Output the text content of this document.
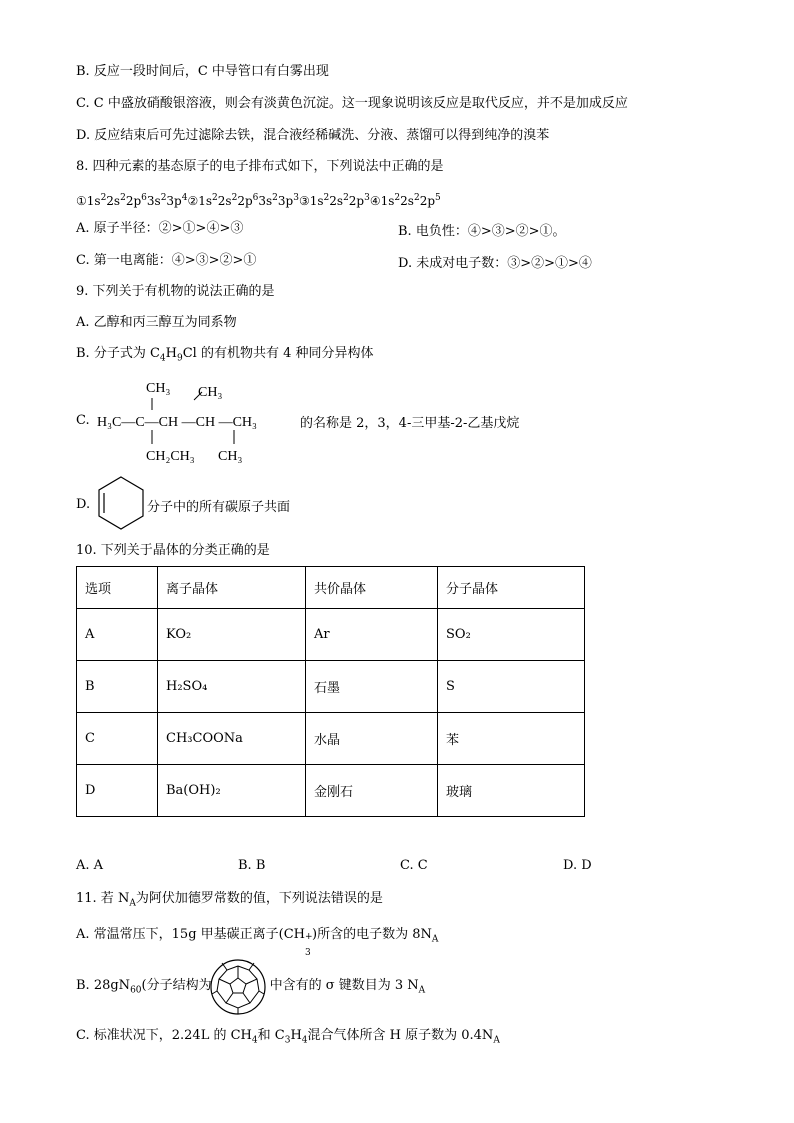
B. 反应一段时间后，C 中导管口有白雾出现
C. C 中盛放硝酸银溶液，则会有淡黄色沉淀。这一现象说明该反应是取代反应，并不是加成反应
D. 反应结束后可先过滤除去铁，混合液经稀碱洗、分液、蒸馏可以得到纯净的溴苯
8. 四种元素的基态原子的电子排布式如下，下列说法中正确的是
$①1s^22s^22p^63s^23p^4②1s^22s^22p^63s^23p^3③1s^22s^22p^3④1s^22s^22p^5$
A. 原子半径：②>①>④>③	B. 电负性：④>③>②>①。
C. 第一电离能：④>③>②>①	D. 未成对电子数：③>②>①>④
9. 下列关于有机物的说法正确的是
A. 乙醇和丙三醇互为同系物
B. 分子式为 $C_4H_9Cl$ 的有机物共有 4 种同分异构体
C.
CH₃ CH₃
H₃C—C—CH —CH —CH₃
CH₂CH₃ CH₃
的名称是 2，3，4-三甲基-2-乙基戊烷
D.	分子中的所有碳原子共面
10. 下列关于晶体的分类正确的是
选项	离子晶体	共价晶体	分子晶体
A	KO₂	Ar	SO₂
B	H₂SO₄	石墨	S
C	CH₃COONa	水晶	苯
D	Ba(OH)₂	金刚石	玻璃
A. A	B. B	C. C	D. D
11. 若 $N_A$为阿伏加德罗常数的值，下列说法错误的是
A. 常温常压下，15g 甲基碳正离子(CH +
3
)所含的电子数为 $8N_A$
B. $28gN_{60}$(分子结构为	中含有的 σ 键数目为 3 $N_A$
C. 标准状况下，2.24L 的 $CH_4$和 $C_3H_4$混合气体所含 H 原子数为 $0.4N_A$
